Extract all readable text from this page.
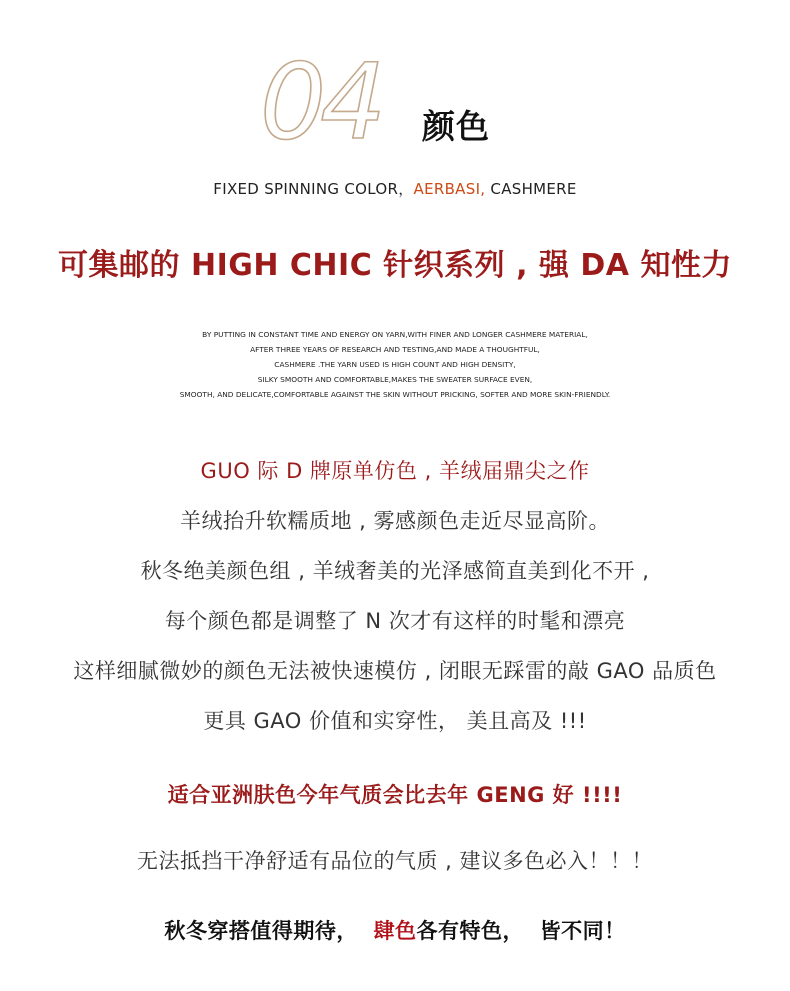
04 颜色
FIXED SPINNING COLOR，AERBASI, CASHMERE
可集邮的 HIGH CHIC 针织系列 , 强 DA 知性力
BY PUTTING IN CONSTANT TIME AND ENERGY ON YARN,WITH FINER AND LONGER CASHMERE MATERIAL,
AFTER THREE YEARS OF RESEARCH AND TESTING,AND MADE A THOUGHTFUL,
CASHMERE .THE YARN USED IS HIGH COUNT AND HIGH DENSITY,
SILKY SMOOTH AND COMFORTABLE,MAKES THE SWEATER SURFACE EVEN,
SMOOTH, AND DELICATE,COMFORTABLE AGAINST THE SKIN WITHOUT PRICKING, SOFTER AND MORE SKIN-FRIENDLY.
GUO 际 D 牌原单仿色 , 羊绒届鼎尖之作
羊绒抬升软糯质地 , 雾感颜色走近尽显高阶。
秋冬绝美颜色组 , 羊绒奢美的光泽感简直美到化不开 ,
每个颜色都是调整了 N 次才有这样的时髦和漂亮
这样细腻微妙的颜色无法被快速模仿 , 闭眼无踩雷的敲 GAO 品质色
更具 GAO 价值和实穿性， 美且高及 !!!
适合亚洲肤色今年气质会比去年 GENG 好 !!!!
无法抵挡干净舒适有品位的气质 , 建议多色必入！！！
秋冬穿搭值得期待，  肆色各有特色，  皆不同！
